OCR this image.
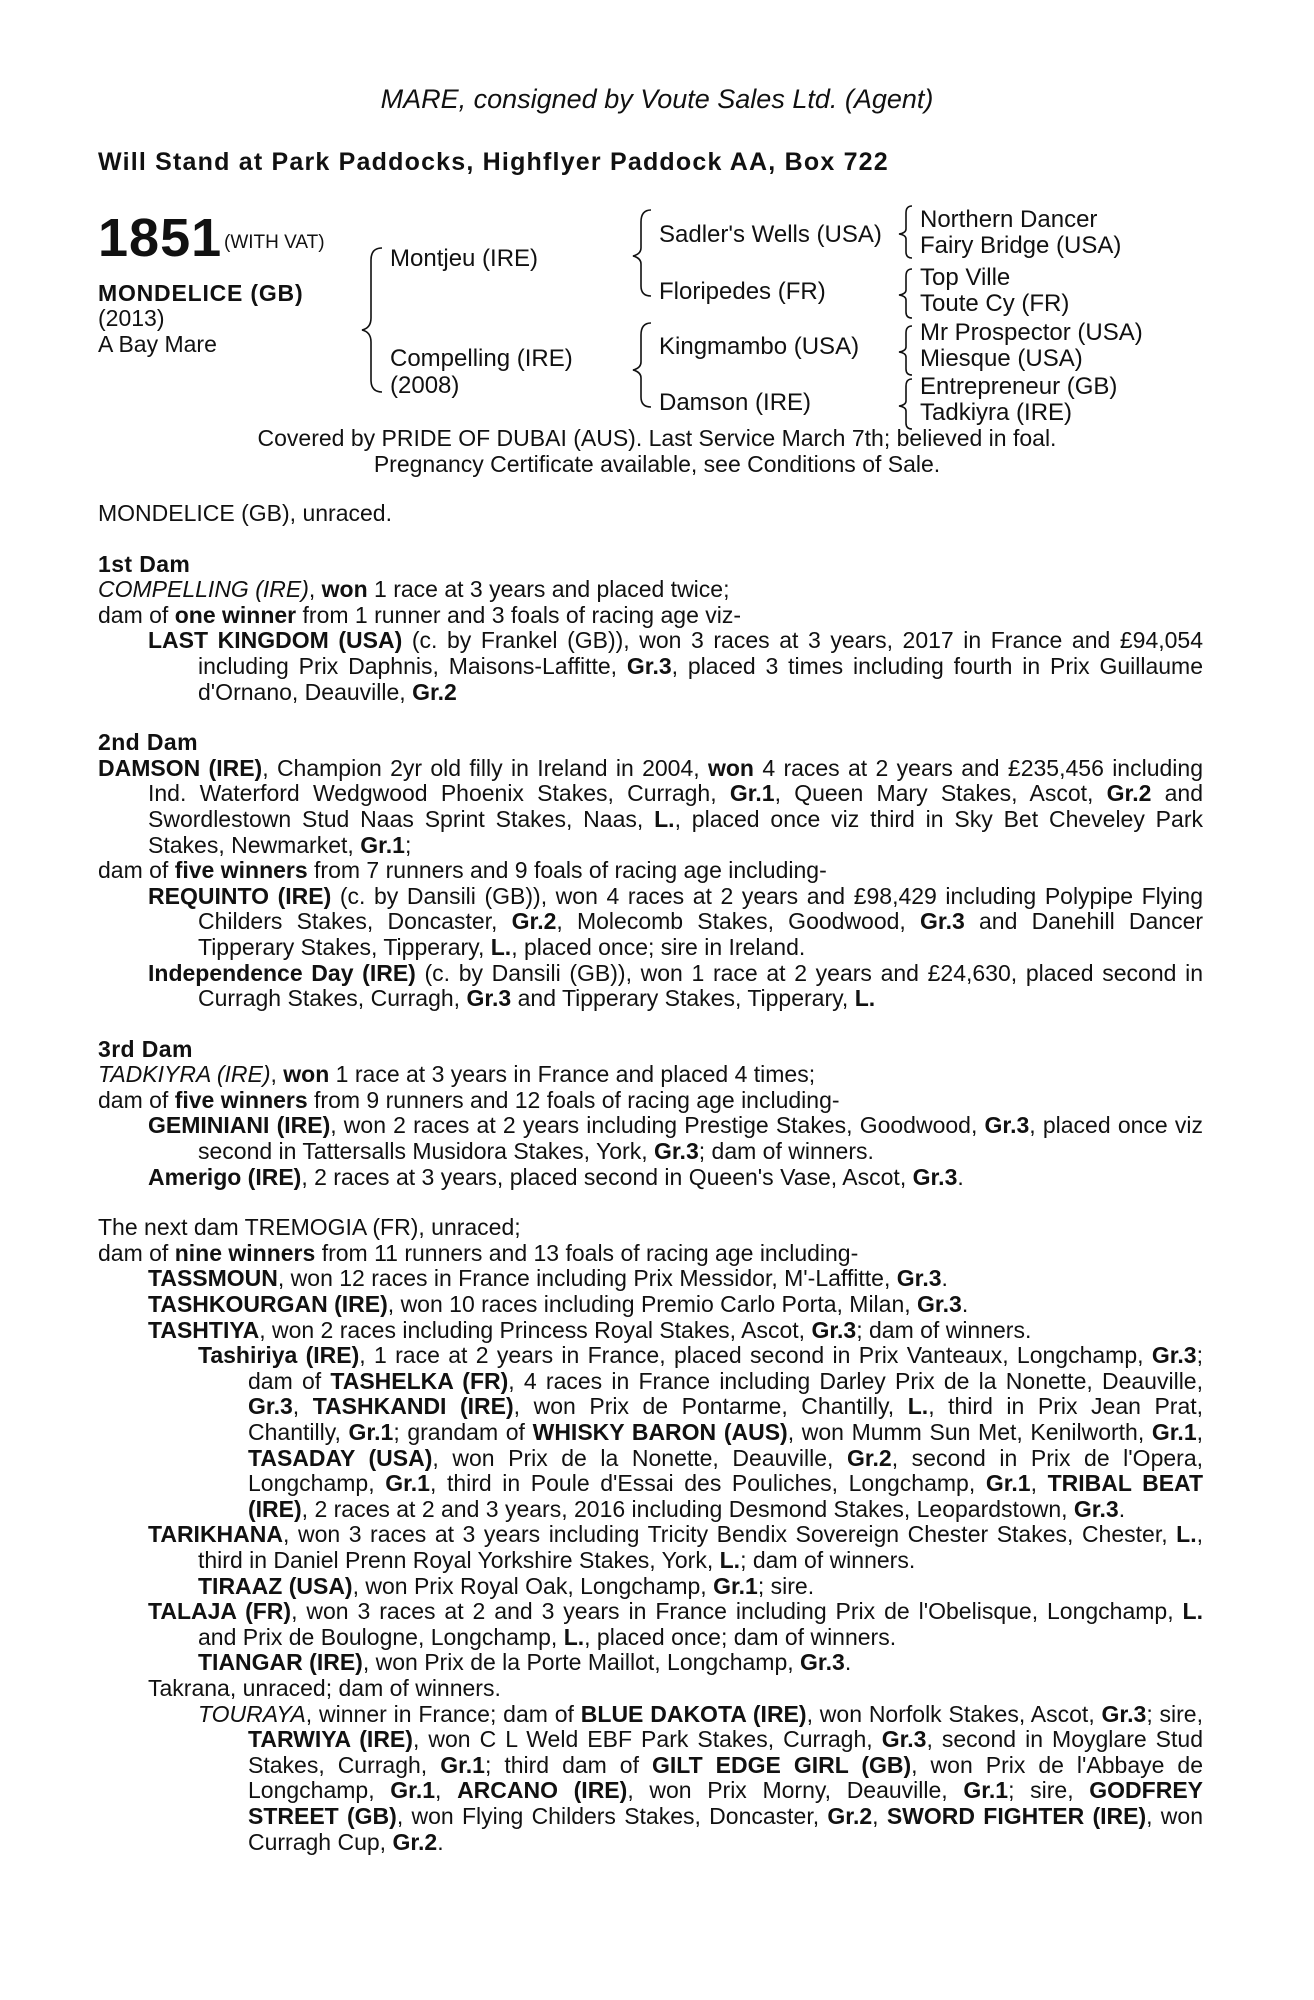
MARE, consigned by Voute Sales Ltd. (Agent)
Will Stand at Park Paddocks, Highflyer Paddock AA, Box 722
1851 (WITH VAT)
MONDELICE (GB)
(2013)
A Bay Mare
Montjeu (IRE)
Compelling (IRE)
(2008)
Sadler's Wells (USA)
Floripedes (FR)
Kingmambo (USA)
Damson (IRE)
Northern Dancer
Fairy Bridge (USA)
Top Ville
Toute Cy (FR)
Mr Prospector (USA)
Miesque (USA)
Entrepreneur (GB)
Tadkiyra (IRE)
Covered by PRIDE OF DUBAI (AUS). Last Service March 7th; believed in foal.
Pregnancy Certificate available, see Conditions of Sale.

MONDELICE (GB), unraced.

1st Dam

COMPELLING (IRE), won 1 race at 3 years and placed twice;

dam of one winner from 1 runner and 3 foals of racing age viz-

LAST KINGDOM (USA) (c. by Frankel (GB)), won 3 races at 3 years, 2017 in France and £94,054 including Prix Daphnis, Maisons-Laffitte, Gr.3, placed 3 times including fourth in Prix Guillaume d'Ornano, Deauville, Gr.2

2nd Dam

DAMSON (IRE), Champion 2yr old filly in Ireland in 2004, won 4 races at 2 years and £235,456 including Ind. Waterford Wedgwood Phoenix Stakes, Curragh, Gr.1, Queen Mary Stakes, Ascot, Gr.2 and Swordlestown Stud Naas Sprint Stakes, Naas, L., placed once viz third in Sky Bet Cheveley Park Stakes, Newmarket, Gr.1;

dam of five winners from 7 runners and 9 foals of racing age including-

REQUINTO (IRE) (c. by Dansili (GB)), won 4 races at 2 years and £98,429 including Polypipe Flying Childers Stakes, Doncaster, Gr.2, Molecomb Stakes, Goodwood, Gr.3 and Danehill Dancer Tipperary Stakes, Tipperary, L., placed once; sire in Ireland.

Independence Day (IRE) (c. by Dansili (GB)), won 1 race at 2 years and £24,630, placed second in Curragh Stakes, Curragh, Gr.3 and Tipperary Stakes, Tipperary, L.

3rd Dam

TADKIYRA (IRE), won 1 race at 3 years in France and placed 4 times;

dam of five winners from 9 runners and 12 foals of racing age including-

GEMINIANI (IRE), won 2 races at 2 years including Prestige Stakes, Goodwood, Gr.3, placed once viz second in Tattersalls Musidora Stakes, York, Gr.3; dam of winners.

Amerigo (IRE), 2 races at 3 years, placed second in Queen's Vase, Ascot, Gr.3.

The next dam TREMOGIA (FR), unraced;

dam of nine winners from 11 runners and 13 foals of racing age including-

TASSMOUN, won 12 races in France including Prix Messidor, M'-Laffitte, Gr.3.

TASHKOURGAN (IRE), won 10 races including Premio Carlo Porta, Milan, Gr.3.

TASHTIYA, won 2 races including Princess Royal Stakes, Ascot, Gr.3; dam of winners.

Tashiriya (IRE), 1 race at 2 years in France, placed second in Prix Vanteaux, Longchamp, Gr.3; dam of TASHELKA (FR), 4 races in France including Darley Prix de la Nonette, Deauville, Gr.3, TASHKANDI (IRE), won Prix de Pontarme, Chantilly, L., third in Prix Jean Prat, Chantilly, Gr.1; grandam of WHISKY BARON (AUS), won Mumm Sun Met, Kenilworth, Gr.1, TASADAY (USA), won Prix de la Nonette, Deauville, Gr.2, second in Prix de l'Opera, Longchamp, Gr.1, third in Poule d'Essai des Pouliches, Longchamp, Gr.1, TRIBAL BEAT (IRE), 2 races at 2 and 3 years, 2016 including Desmond Stakes, Leopardstown, Gr.3.

TARIKHANA, won 3 races at 3 years including Tricity Bendix Sovereign Chester Stakes, Chester, L., third in Daniel Prenn Royal Yorkshire Stakes, York, L.; dam of winners.

TIRAAZ (USA), won Prix Royal Oak, Longchamp, Gr.1; sire.

TALAJA (FR), won 3 races at 2 and 3 years in France including Prix de l'Obelisque, Longchamp, L. and Prix de Boulogne, Longchamp, L., placed once; dam of winners.

TIANGAR (IRE), won Prix de la Porte Maillot, Longchamp, Gr.3.

Takrana, unraced; dam of winners.

TOURAYA, winner in France; dam of BLUE DAKOTA (IRE), won Norfolk Stakes, Ascot, Gr.3; sire, TARWIYA (IRE), won C L Weld EBF Park Stakes, Curragh, Gr.3, second in Moyglare Stud Stakes, Curragh, Gr.1; third dam of GILT EDGE GIRL (GB), won Prix de l'Abbaye de Longchamp, Gr.1, ARCANO (IRE), won Prix Morny, Deauville, Gr.1; sire, GODFREY STREET (GB), won Flying Childers Stakes, Doncaster, Gr.2, SWORD FIGHTER (IRE), won Curragh Cup, Gr.2.
